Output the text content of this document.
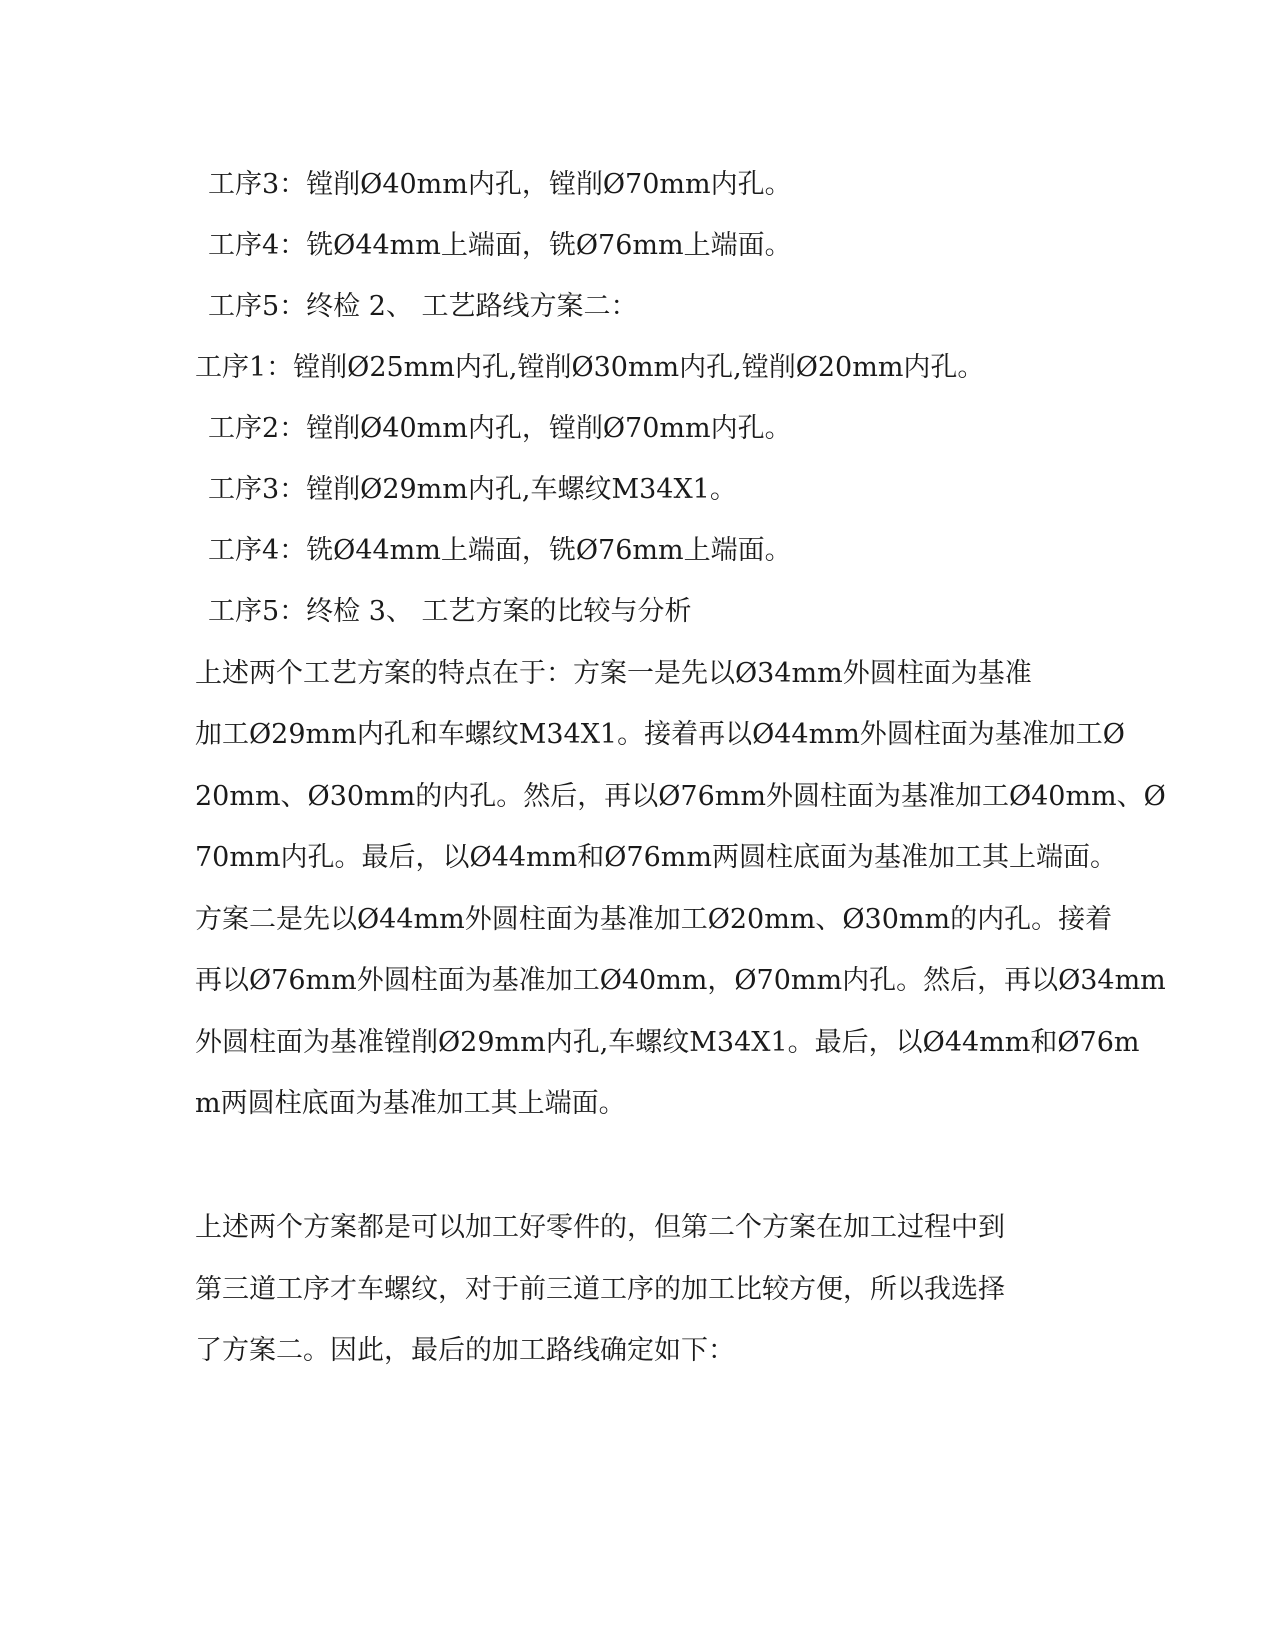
工序3：镗削Ø40mm内孔，镗削Ø70mm内孔。
工序4：铣Ø44mm上端面，铣Ø76mm上端面。
工序5：终检 2、 工艺路线方案二：
工序1：镗削Ø25mm内孔,镗削Ø30mm内孔,镗削Ø20mm内孔。
工序2：镗削Ø40mm内孔，镗削Ø70mm内孔。
工序3：镗削Ø29mm内孔,车螺纹M34X1。
工序4：铣Ø44mm上端面，铣Ø76mm上端面。
工序5：终检 3、 工艺方案的比较与分析
上述两个工艺方案的特点在于：方案一是先以Ø34mm外圆柱面为基准
加工Ø29mm内孔和车螺纹M34X1。接着再以Ø44mm外圆柱面为基准加工Ø
20mm、Ø30mm的内孔。然后，再以Ø76mm外圆柱面为基准加工Ø40mm、Ø
70mm内孔。最后，以Ø44mm和Ø76mm两圆柱底面为基准加工其上端面。
方案二是先以Ø44mm外圆柱面为基准加工Ø20mm、Ø30mm的内孔。接着
再以Ø76mm外圆柱面为基准加工Ø40mm，Ø70mm内孔。然后，再以Ø34mm
外圆柱面为基准镗削Ø29mm内孔,车螺纹M34X1。最后，以Ø44mm和Ø76m
m两圆柱底面为基准加工其上端面。
上述两个方案都是可以加工好零件的，但第二个方案在加工过程中到
第三道工序才车螺纹，对于前三道工序的加工比较方便，所以我选择
了方案二。因此，最后的加工路线确定如下：
